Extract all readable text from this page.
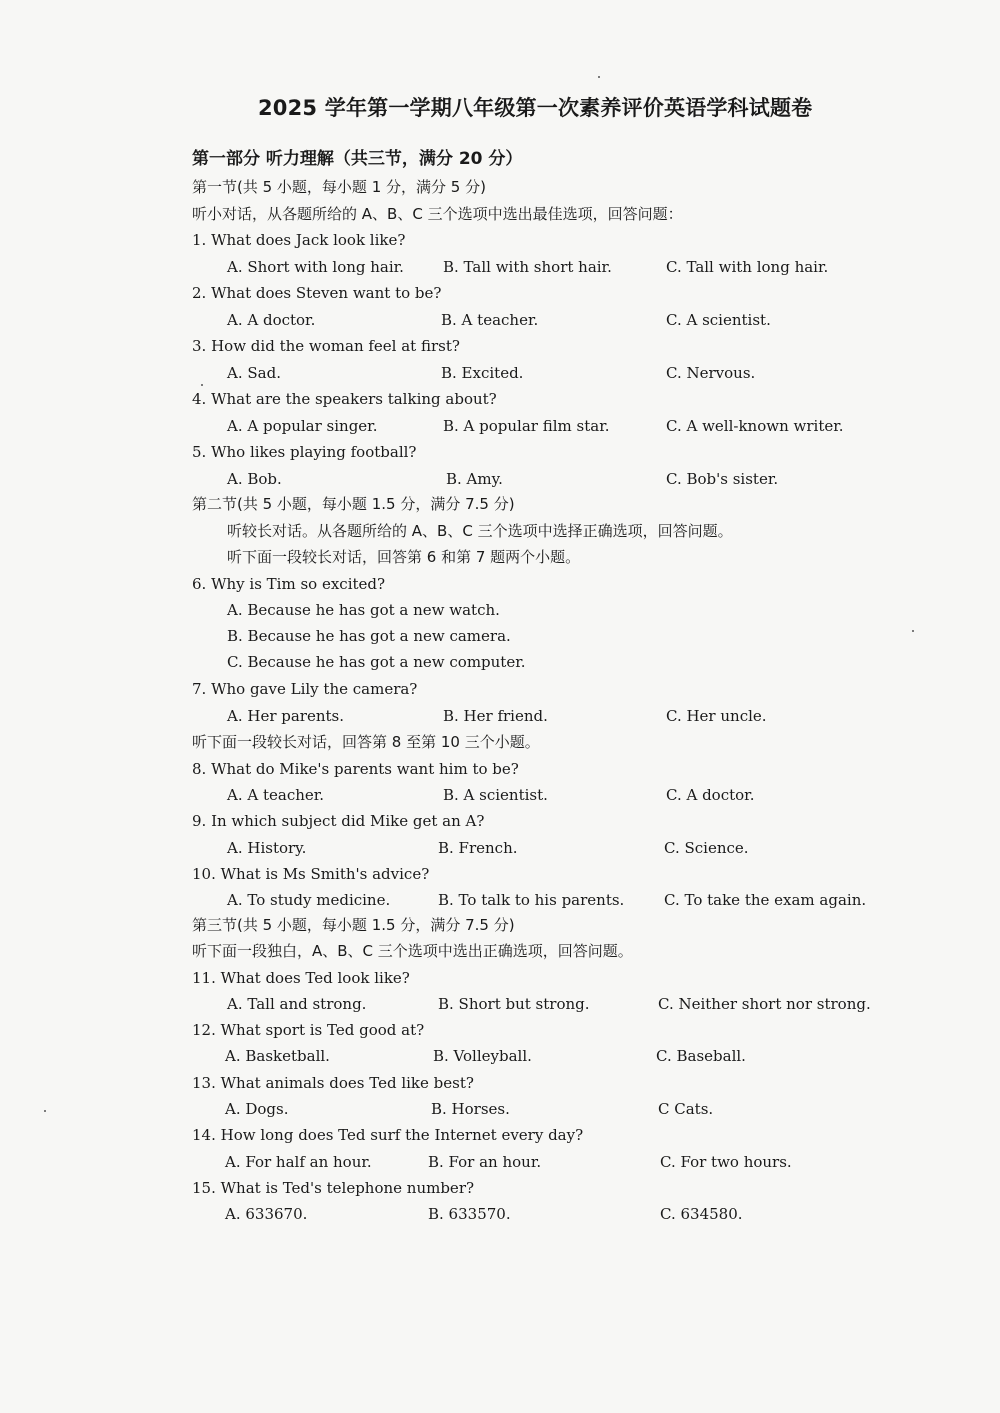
2025 学年第一学期八年级第一次素养评价英语学科试题卷
第一部分 听力理解（共三节，满分 20 分）
第一节(共 5 小题，每小题 1 分，满分 5 分)
听小对话，从各题所给的 A、B、C 三个选项中选出最佳选项，回答问题：
1. What does Jack look like?
A. Short with long hair.	B. Tall with short hair.	C. Tall with long hair.
2. What does Steven want to be?
A. A doctor.	B. A teacher.	C. A scientist.
3. How did the woman feel at first?
A. Sad.	B. Excited.	C. Nervous.
4. What are the speakers talking about?
A. A popular singer.	B. A popular film star.	C. A well-known writer.
5. Who likes playing football?
A. Bob.	B. Amy.	C. Bob's sister.
第二节(共 5 小题，每小题 1.5 分，满分 7.5 分)
听较长对话。从各题所给的 A、B、C 三个选项中选择正确选项，回答问题。
听下面一段较长对话，回答第 6 和第 7 题两个小题。
6. Why is Tim so excited?
A. Because he has got a new watch.
B. Because he has got a new camera.
C. Because he has got a new computer.
7. Who gave Lily the camera?
A. Her parents.	B. Her friend.	C. Her uncle.
听下面一段较长对话，回答第 8 至第 10 三个小题。
8. What do Mike's parents want him to be?
A. A teacher.	B. A scientist.	C. A doctor.
9. In which subject did Mike get an A?
A. History.	B. French.	C. Science.
10. What is Ms Smith's advice?
A. To study medicine.	B. To talk to his parents.	C. To take the exam again.
第三节(共 5 小题，每小题 1.5 分，满分 7.5 分)
听下面一段独白，A、B、C 三个选项中选出正确选项，回答问题。
11. What does Ted look like?
A. Tall and strong.	B. Short but strong.	C. Neither short nor strong.
12. What sport is Ted good at?
A. Basketball.	B. Volleyball.	C. Baseball.
13. What animals does Ted like best?
A. Dogs.	B. Horses.	C Cats.
14. How long does Ted surf the Internet every day?
A. For half an hour.	B. For an hour.	C. For two hours.
15. What is Ted's telephone number?
A. 633670.	B. 633570.	C. 634580.
